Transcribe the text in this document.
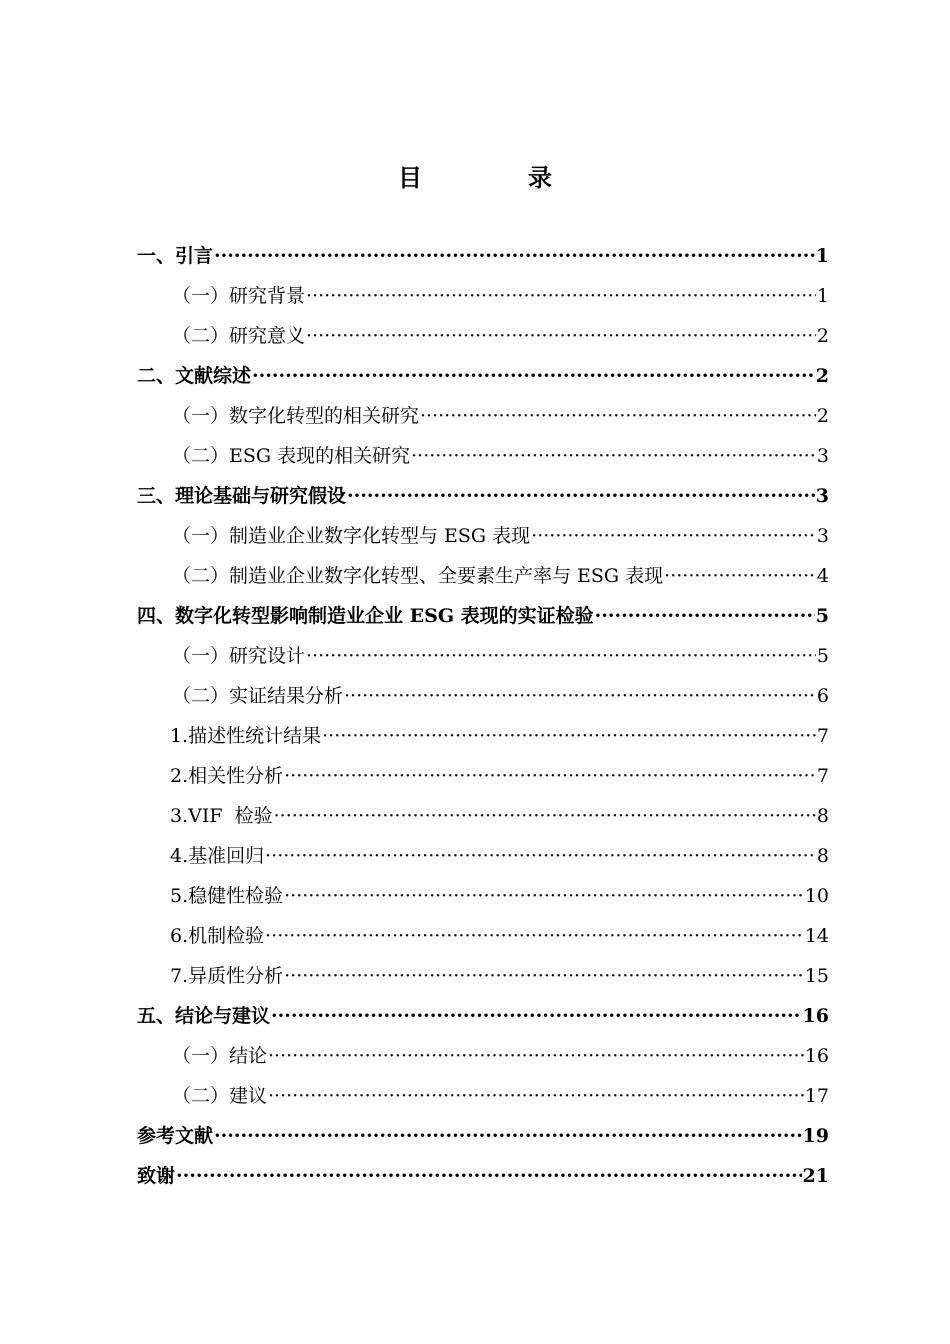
目	录
一、引言 ·····	1
（一）研究背景 ·····	1
（二）研究意义 ·····	2
二、文献综述 ·····	2
（一）数字化转型的相关研究 ·····	2
（二）ESG 表现的相关研究 ·····	3
三、理论基础与研究假设 ·····	3
（一）制造业企业数字化转型与 ESG 表现 ·····	3
（二）制造业企业数字化转型、全要素生产率与 ESG 表现 ·····	4
四、数字化转型影响制造业企业 ESG 表现的实证检验 ·····	5
（一）研究设计 ·····	5
（二）实证结果分析 ·····	6
1.描述性统计结果 ·····	7
2.相关性分析 ·····	7
3.VIF  检验 ·····	8
4.基准回归 ·····	8
5.稳健性检验 ·····	10
6.机制检验 ·····	14
7.异质性分析 ·····	15
五、结论与建议 ·····	16
（一）结论 ·····	16
（二）建议 ·····	17
参考文献 ·····	19
致谢 ·····	21
